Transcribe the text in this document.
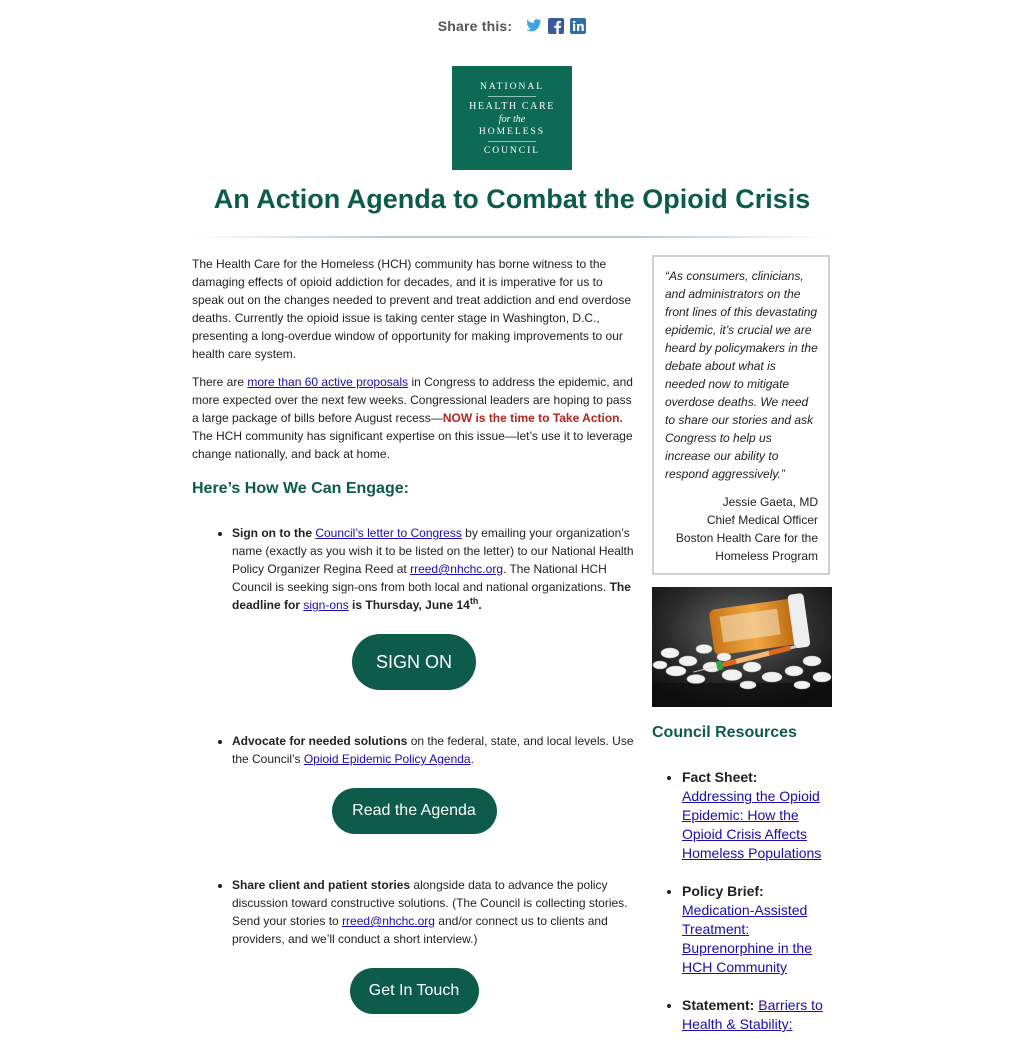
Share this:
NATIONAL
HEALTH CARE
for the
HOMELESS
COUNCIL
An Action Agenda to Combat the Opioid Crisis

The Health Care for the Homeless (HCH) community has borne witness to the damaging effects of opioid addiction for decades, and it is imperative for us to speak out on the changes needed to prevent and treat addiction and end overdose deaths. Currently the opioid issue is taking center stage in Washington, D.C., presenting a long-overdue window of opportunity for making improvements to our health care system.

There are more than 60 active proposals in Congress to address the epidemic, and more expected over the next few weeks. Congressional leaders are hoping to pass a large package of bills before August recess—NOW is the time to Take Action. The HCH community has significant expertise on this issue—let’s use it to leverage change nationally, and back at home.

Here’s How We Can Engage:
• Sign on to the Council’s letter to Congress by emailing your organization’s name (exactly as you wish it to be listed on the letter) to our National Health Policy Organizer Regina Reed at rreed@nhchc.org. The National HCH Council is seeking sign-ons from both local and national organizations. The deadline for sign-ons is Thursday, June 14th.
SIGN ON
• Advocate for needed solutions on the federal, state, and local levels. Use the Council’s Opioid Epidemic Policy Agenda.
Read the Agenda
• Share client and patient stories alongside data to advance the policy discussion toward constructive solutions. (The Council is collecting stories. Send your stories to rreed@nhchc.org and/or connect us to clients and providers, and we’ll conduct a short interview.)
Get In Touch

“As consumers, clinicians, and administrators on the front lines of this devastating epidemic, it’s crucial we are heard by policymakers in the debate about what is needed now to mitigate overdose deaths. We need to share our stories and ask Congress to help us increase our ability to respond aggressively.”

Jessie Gaeta, MD
Chief Medical Officer
Boston Health Care for the Homeless Program
Council Resources
• Fact Sheet:
Addressing the Opioid Epidemic: How the Opioid Crisis Affects Homeless Populations
• Policy Brief:
Medication-Assisted Treatment: Buprenorphine in the HCH Community
• Statement: Barriers to Health & Stability:
